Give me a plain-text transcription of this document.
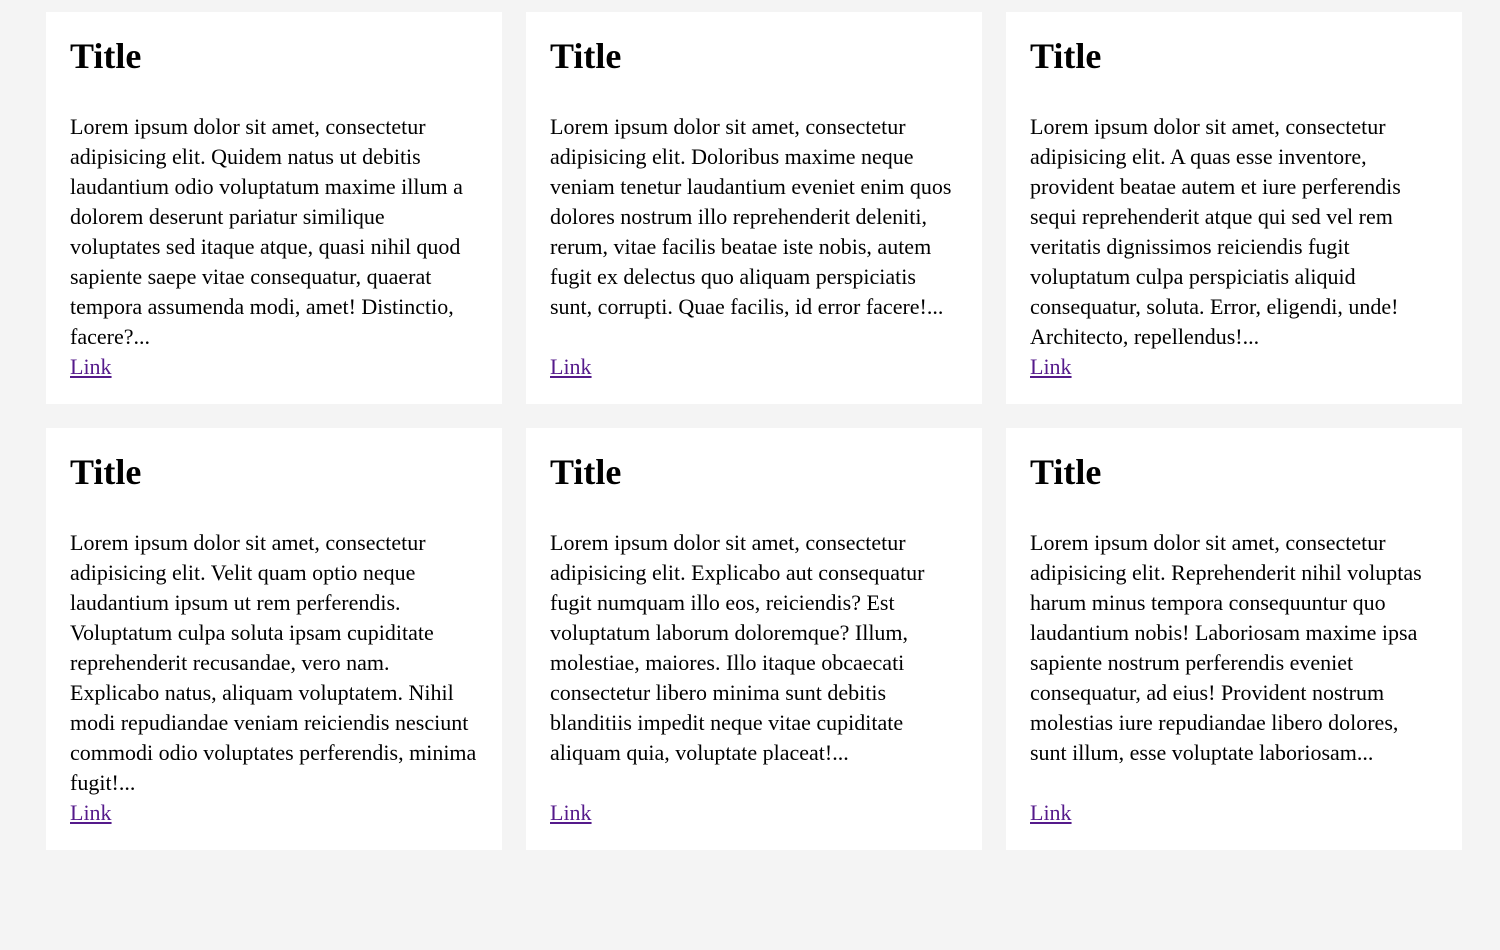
Title

Lorem ipsum dolor sit amet, consectetur adipisicing elit. Quidem natus ut debitis laudantium odio voluptatum maxime illum a dolorem deserunt pariatur similique voluptates sed itaque atque, quasi nihil quod sapiente saepe vitae consequatur, quaerat tempora assumenda modi, amet! Distinctio, facere?...

Link
Title

Lorem ipsum dolor sit amet, consectetur adipisicing elit. Doloribus maxime neque veniam tenetur laudantium eveniet enim quos dolores nostrum illo reprehenderit deleniti, rerum, vitae facilis beatae iste nobis, autem fugit ex delectus quo aliquam perspiciatis sunt, corrupti. Quae facilis, id error facere!...

Link
Title

Lorem ipsum dolor sit amet, consectetur adipisicing elit. A quas esse inventore, provident beatae autem et iure perferendis sequi reprehenderit atque qui sed vel rem veritatis dignissimos reiciendis fugit voluptatum culpa perspiciatis aliquid consequatur, soluta. Error, eligendi, unde! Architecto, repellendus!...

Link
Title

Lorem ipsum dolor sit amet, consectetur adipisicing elit. Velit quam optio neque laudantium ipsum ut rem perferendis. Voluptatum culpa soluta ipsam cupiditate reprehenderit recusandae, vero nam. Explicabo natus, aliquam voluptatem. Nihil modi repudiandae veniam reiciendis nesciunt commodi odio voluptates perferendis, minima fugit!...

Link
Title

Lorem ipsum dolor sit amet, consectetur adipisicing elit. Explicabo aut consequatur fugit numquam illo eos, reiciendis? Est voluptatum laborum doloremque? Illum, molestiae, maiores. Illo itaque obcaecati consectetur libero minima sunt debitis blanditiis impedit neque vitae cupiditate aliquam quia, voluptate placeat!...

Link
Title

Lorem ipsum dolor sit amet, consectetur adipisicing elit. Reprehenderit nihil voluptas harum minus tempora consequuntur quo laudantium nobis! Laboriosam maxime ipsa sapiente nostrum perferendis eveniet consequatur, ad eius! Provident nostrum molestias iure repudiandae libero dolores, sunt illum, esse voluptate laboriosam...

Link
